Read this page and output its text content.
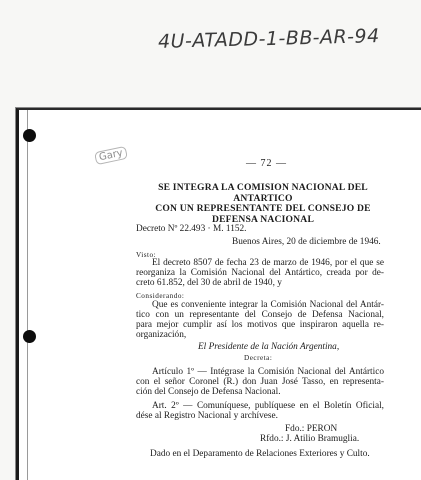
4U-ATADD-1-BB-AR-94
Gary
— 72 —
SE INTEGRA LA COMISION NACIONAL DEL ANTARTICO
CON UN REPRESENTANTE DEL CONSEJO DE
DEFENSA NACIONAL
Decreto Nº 22.493 · M. 1152.
Buenos Aires, 20 de diciembre de 1946.
Visto:
El decreto 8507 de fecha 23 de marzo de 1946, por el que se
reorganiza la Comisión Nacional del Antártico, creada por de-
creto 61.852, del 30 de abril de 1940, y
Considerando:
Que es conveniente integrar la Comisión Nacional del Antár-
tico con un representante del Consejo de Defensa Nacional,
para mejor cumplir así los motivos que inspiraron aquella re-
organización,
El Presidente de la Nación Argentina,
Decreta:
Artículo 1º — Intégrase la Comisión Nacional del Antártico
con el señor Coronel (R.) don Juan José Tasso, en representa-
ción del Consejo de Defensa Nacional.
Art. 2º — Comuníquese, publíquese en el Boletín Oficial,
dése al Registro Nacional y archívese.
Fdo.: PERON
Rfdo.: J. Atilio Bramuglia.
Dado en el Deparamento de Relaciones Exteriores y Culto.
